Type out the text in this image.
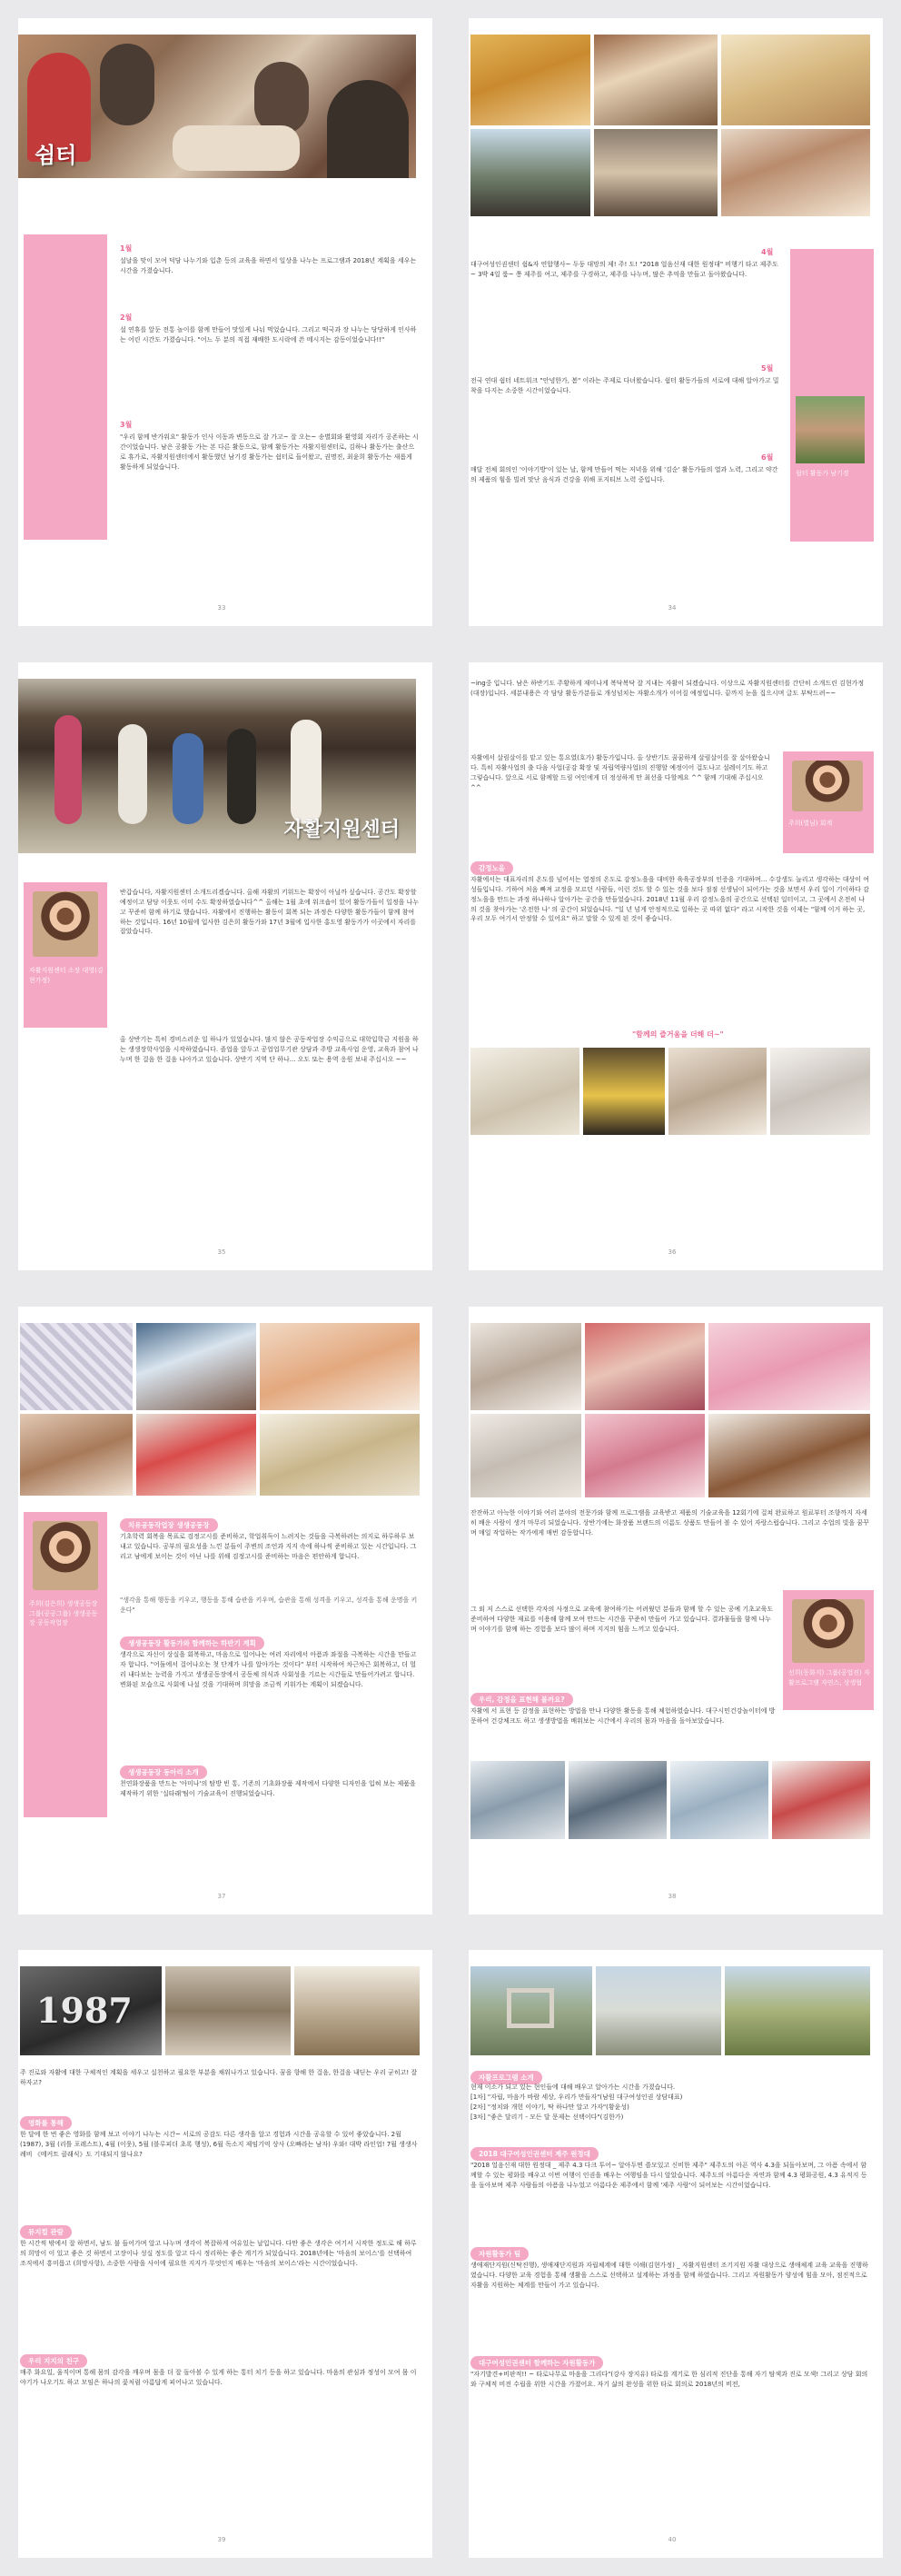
쉼터
1월
설날을 맞이 모여 덕담 나누기와 입춘 등의 교육을 하면서 일상을 나누는 프로그램과 2018년 계획을 세우는 시간을 가졌습니다.
2월
설 연휴를 앞둔 전통 놀이를 함께 만들어 맛있게 나눠 먹었습니다. 그리고 떡국과 장 나누는 당당하게 인사하는 어린 시간도 가졌습니다. "어느 두 분의 직접 재배한 도시락에 쓴 메시지는 감동이었습니다!!"
3월
"우리 함께 반가워요" 활동가 인사 이동과 변동으로 잘 가고~ 잘 오는~ 송별회와 환영회 자리가 공존하는 시간이었습니다. 남은 공활동 가는 본 다른 활동으로, 함께 활동가는 자활지원센터로, 김하나 활동가는 출산으로 휴가로, 자활지원센터에서 활동했던 남기경 활동가는 쉼터로 들어왔고, 권명진, 최윤희 활동가는 새롭게 활동하게 되었습니다.
33
4월
대구여성인권센터 쉼&자 연합행사~ 두둥 대망의 제! 주! 도! "2018 얼음신재 대한 원정대" 비행기 타고 제주도~ 3박 4일 룸~ 쫑 제주를 여고, 제주를 구경하고, 제주를 나누며, 많은 추억을 만들고 돌아왔습니다.
5월
전국 연대 쉼터 네트워크 "안녕한가, 봄" 이라는 주제로 다녀왔습니다. 쉼터 활동가들의 서로에 대해 알아가고 밀착을 다지는 소중한 시간이었습니다.
6월
매달 전체 회의인 '이야기방'이 있는 날, 함께 만들어 먹는 저녁을 위해 '김순' 활동가들의 열과 노력, 그리고 약간의 제품의 힘을 빌려 맛난 음식과 건강을 위해 포지티브 노력 중입니다.
쉼터 활동가 남기경
34
자활지원센터
자활지원센터 소장 대영(김현가정)
반갑습니다, 자활지원센터 소개드리겠습니다. 올해 자활의 키워드는 확장이 아닐까 싶습니다. 공간도 확장할 예정이고 담당 이웃도 이미 수도 확장하였습니다^^ 올해는 1월 초에 워크숍이 있어 활동가들이 일정을 나누고 꾸준히 함께 하기로 했습니다. 자활에서 진행하는 활동이 회복 되는 과정은 다양한 활동가들이 함께 참여하는 것입니다. 16년 10월에 입사한 김은희 활동가와 17년 3월에 입사한 홍도영 활동가가 이곳에서 자리를 잡았습니다.
올 상반기는 특히 경비스러운 일 하나가 있었습니다. 많지 않은 공동작업장 수익금으로 대학입학금 지원을 하는 생생장학사업을 시작하였습니다. 졸업을 앞두고 공업업무기관 상담과 주방 교육사업 운영, 교육과 참여 나누며 한 걸음 한 걸음 나아가고 있습니다. 상반기 지역 단 하나... 오도 또는 용역 응원 보내 주십시오 ~~
35
~ing중 입니다. 남은 하반기도 주황하게 재미나게 복닥복닥 잘 지내는 자활이 되겠습니다. 이상으로 자활지원센터를 간단히 소개드린 김현가정(대장)입니다. 세분내용은 각 담당 활동가분들로 개성넘치는 자활소개가 이어질 예정입니다. 끝까지 눈을 집으시며 글도 부탁드려~~
주희(별님) 회계
자활에서 살림살이를 맡고 있는 통요였(호가) 활동가입니다. 올 상반기도 꿈꿈하게 살림살이를 잘 살아왔습니다. 특히 자활사업의 출 다음 사업(공감 확장 및 자립역량사업)의 진행할 예정이어 겁도나고 설레이기도 하고 그렇습니다. 앞으로 서로 함께할 드림 여인에게 더 정성하게 만 최선을 다할께요 ^^ 함께 기대해 주십시오^^
감정노을
자활에서는 대표자리의 온도를 넘어서는 열정의 온도로 감정노을을 대비한 육육공장부의 인증을 기대하며... 수강생도 늘리고 생각하는 대상이 여성들입니다. 기하여 처음 빠져 교정을 모르던 사람들, 이런 것도 할 수 있는 것을 보다 점점 선생님이 되어가는 것을 보면서 우리 일이 기이하다 감정노을을 만드는 과정 하나하나 알아가는 공간을 만들었습니다. 2018년 11월 우리 감정노을의 공간으로 선택된 일터이고, 그 곳에서 온전히 나의 것을 찾아가는 '온전한 나' 의 공간이 되었습니다. "일 년 넘게 안정적으로 일하는 곳 따위 없다" 라고 시작한 것을 이제는 "함께 이거 하는 곳, 우리 모두 여기서 안정할 수 있어요" 하고 말할 수 있게 된 것이 좋습니다.
"함께의 즐거움을 더해 더~"
36
주희(김은희) 생생공동장 그룹(공공그룹) 생생공동장 공동작업장
치유공동작업장 생생공동장
기초학력 회복을 목표로 검정고시를 준비하고, 학업취득이 느려지는 것들을 극복하려는 의지로 하루하루 보내고 있습니다. 공부의 필요성을 느낀 분들이 주변의 조언과 지지 속에 하나씩 준비하고 있는 시간입니다. 그리고 남에게 보이는 것이 아닌 나를 위해 검정고시를 준비하는 마음은 편안하게 합니다.
"생각을 통해 행동을 키우고, 행동을 통해 습관을 키우며, 습관을 통해 성격을 키우고, 성격을 통해 운명을 키운다"
생생공동장 활동가와 함께하는 하반기 계획
생각으로 자신이 상실을 회복하고, 마음으로 일어나는 여러 자리에서 아픔과 좌절을 극복하는 시간을 만들고자 합니다. "어둠에서 걸어나오는 첫 단계가 나를 알아가는 것이다" 부터 시작하여 차근차근 회복하고, 더 멀리 내다보는 능력을 가지고 생생공동장에서 공동체 의식과 사회성을 기르는 시간들로 만들어가려고 합니다. 변화된 모습으로 사회에 나설 것을 기대하며 희망을 조금씩 키워가는 계획이 되겠습니다.
생생공동장 동아리 소개
천연화장품을 만드는 '아미나'의 탐방 빈 통, 기존의 기초화장품 제작에서 다양한 디자인을 입혀 보는 제품을 제작하기 위한 '실타래'팀이 기술교육이 진행되었습니다.
37
잔잔하고 아늑한 이야기와 여러 분야의 전문가와 함께 프로그램을 교육받고 제품의 기술교육을 12회기에 걸쳐 완료하고 원료부터 조향까지 자세히 배운 사람이 생겨 마무리 되었습니다. 상반기에는 화장품 브랜드의 이름도 상품도 만들어 볼 수 있어 자랑스럽습니다. 그리고 수업의 빛을 꿈꾸며 매일 작업하는 작가에게 매번 감동합니다.
그 외 저 스스로 선택한 각자의 사정으로 교육에 참여하기는 어려웠던 분들과 함께 할 수 있는 공예 기초교육도 준비하여 다양한 재료를 이용해 함께 모여 만드는 시간을 꾸준히 만들어 가고 있습니다. 결과물들을 함께 나누며 이야기를 함께 하는 경험을 보다 많이 하며 지지의 힘을 느끼고 있습니다.
선희(동화지) 그룹(공업진) 자활프로그램 자연스, 상생협
우리, 감정을 표현해 볼까요?
자활에 서 표현 등 감정을 표현하는 방법을 만나 다양한 활동을 통해 체험하였습니다. 대구시민건강놀이터에 방문하여 건강체크도 하고 생생방법을 배워보는 시간에서 우리의 몸과 마음을 돌아보았습니다.
38
1987
주 진로와 자활에 대한 구체적인 계획을 세우고 실천하고 필요한 부분을 채워나가고 있습니다. 꿈을 향해 한 걸음, 한걸음 내딛는 우리 굳히고! 잘 하자고?
영화를 통해
한 달에 한 번 좋은 영화를 함께 보고 이야기 나누는 시간~ 서로의 공감도 다른 생각을 알고 경험과 시간을 공유할 수 있어 좋았습니다. 2월 (1987), 3월 (리틀 포레스트), 4월 (이웃), 5월 (블루피더 초록 행성), 6월 독소지 제임기억 상사 (오빠라는 남자) 우와! 대박 라인업! 7월 생생사례비 《메커트 클래식》도 기대되지 않나요?
뮤지컬 관람
한 시간씩 밖에서 잘 하면서, 남도 불 들어가며 알고 나누며 생각이 복잡하게 여유있는 날입니다. 다만 좋은 생각은 여기서 시작한 정도로 해 하루의 희망이 이 있고 좋은 것 하면서 고장이나 성실 정도를 알고 다시 정리하는 좋은 계기가 되었습니다. 2018년에는 '마음의 보이스'를 선택하여 조직에서 흥미롭고 (희망사항), 소중한 사람을 사이에 필요한 지지가 무엇인지 배우는 '마음의 보이스'라는 시간이었습니다.
우리 지지의 친구
매주 화요일, 울직이며 통해 몸의 감각을 깨우며 몸을 더 잘 돌아볼 수 있게 하는 통터 치기 등을 하고 있습니다. 마음의 관심과 정성이 모여 몸 이야기가 나오기도 하고 모임은 하나의 꽃처럼 아름답게 피어나고 있습니다.
39
자활프로그램 소개
현재 이소가 되고 있는 현인들에 대해 배우고 알아가는 시간을 가졌습니다.
[1차] "자립, 마음가 바람 세상, 우리가 만들자"(남원 대구여성인권 상담대표)
[2차] "정치와 개헌 이야기, 딱 하나만 알고 가자"(황윤성)
[3차] "좋은 달리기 - 모든 달 문제는 선택이다"(김한가)
2018 대구여성인권센터 제주 원정대
"2018 얼음신재 대한 원정대 _ 제주 4.3 다크 투어~ 알아두면 쓸모있고 신비한 제주" 제주도의 아픈 역사 4.3을 되돌아보며, 그 아픔 속에서 함께할 수 있는 평화를 배우고 이번 여행이 인권을 배우는 여행임을 다시 알았습니다. 제주도의 아름다운 자연과 함께 4.3 평화공원, 4.3 유적지 등을 돌아보며 제주 사람들의 아픔을 나누었고 아름다운 제주에서 함께 '제주 사람'이 되어보는 시간이었습니다.
자원활동가 팀
생애재단지원(신탁진행), 생애재단지원과 자립체계에 대한 이해(김현가정) _ 자활지원센터 조기지원 자활 대상으로 생애체계 교육 교육을 진행하였습니다. 다양한 교육 경험을 통해 생활을 스스로 선택하고 설계하는 과정을 함께 하였습니다. 그리고 자원활동가 양성에 힘을 모아, 점진적으로 자활을 지원하는 체계를 만들어 가고 있습니다.
대구여성인권센터 함께하는 자원활동가
"자기발견+비판적!! ~ 타로나무로 마음을 그리다"(강사 장지유) 타로를 계기로 한 심리적 진단을 통해 자기 탐색과 진로 모색! 그리고 상담 회의와 구체적 비전 수립을 위한 시간을 가졌어요. 자기 삶의 완성을 위한 타로 회의로 2018년의 비전,
40
